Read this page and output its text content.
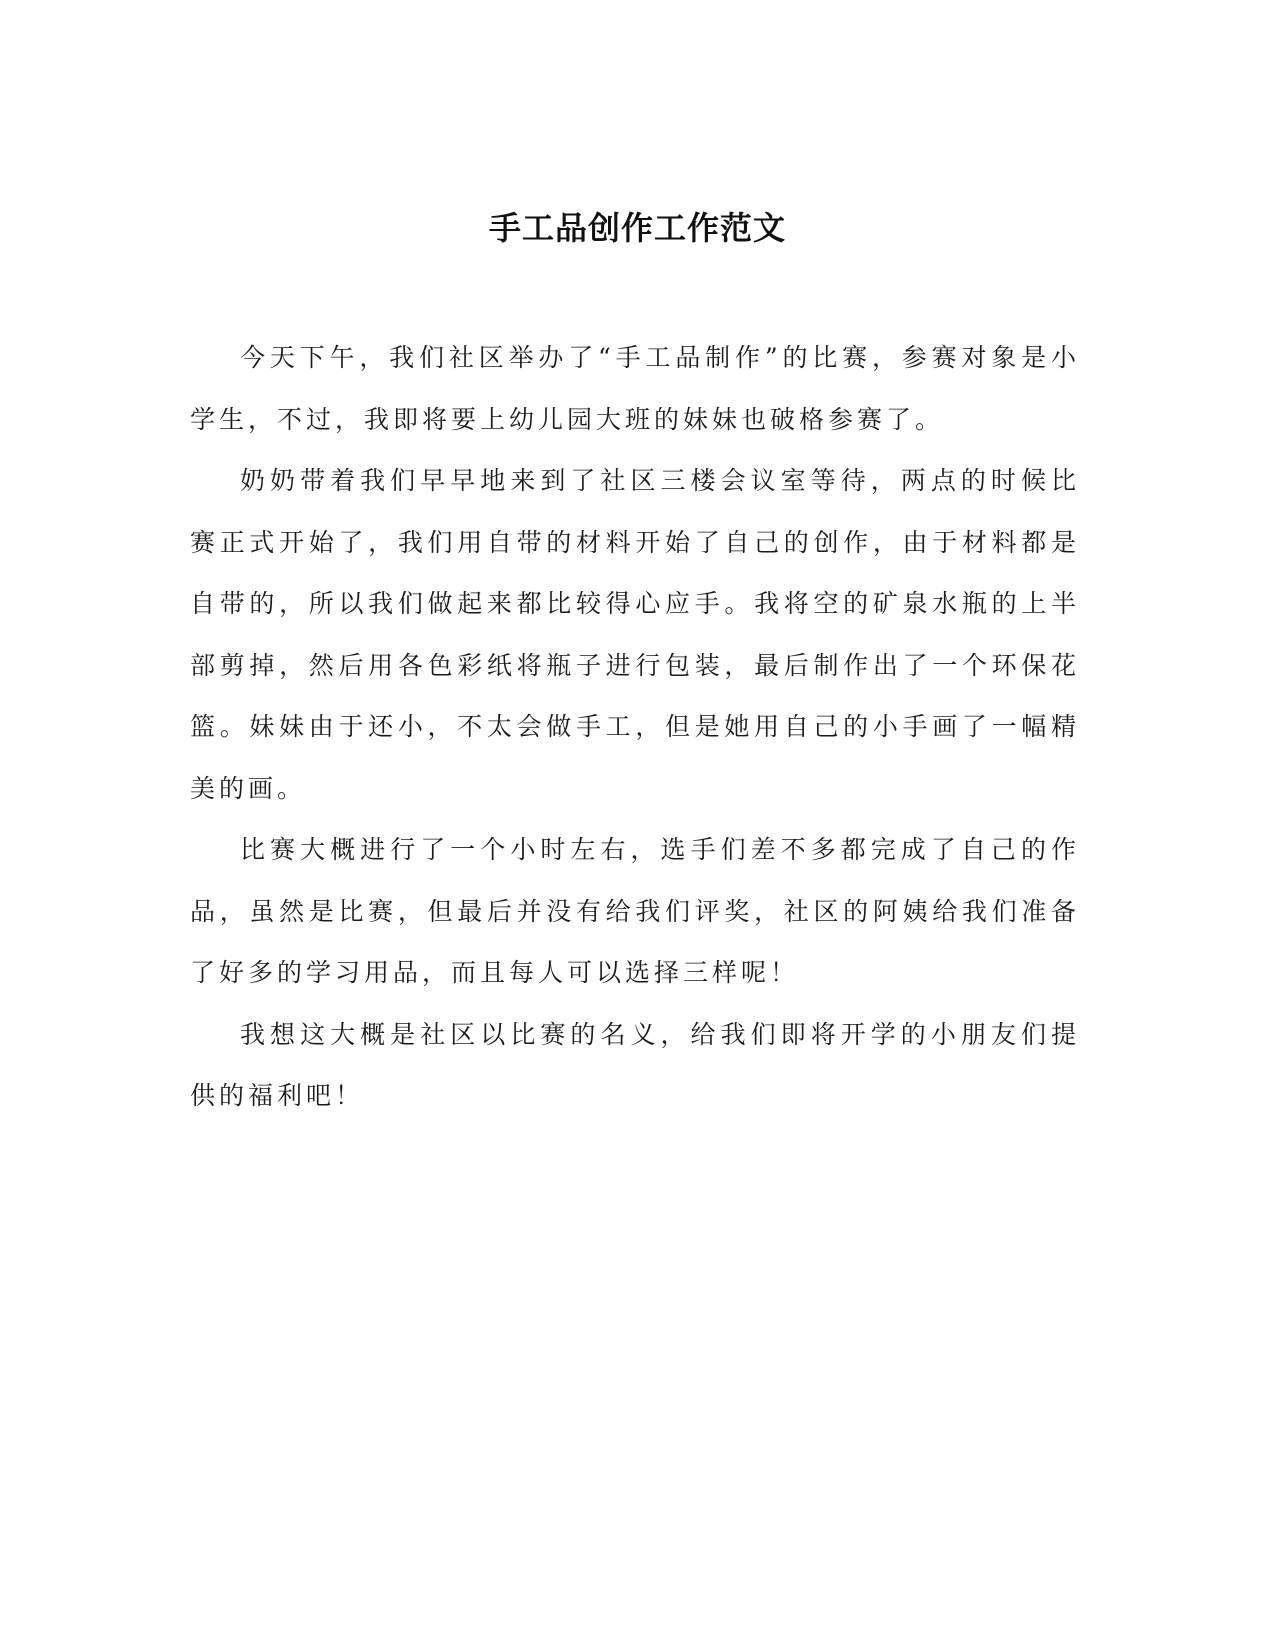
手工品创作工作范文

今天下午，我们社区举办了“手工品制作”的比赛，参赛对象是小学生，不过，我即将要上幼儿园大班的妹妹也破格参赛了。

奶奶带着我们早早地来到了社区三楼会议室等待，两点的时候比赛正式开始了，我们用自带的材料开始了自己的创作，由于材料都是自带的，所以我们做起来都比较得心应手。我将空的矿泉水瓶的上半部剪掉，然后用各色彩纸将瓶子进行包装，最后制作出了一个环保花篮。妹妹由于还小，不太会做手工，但是她用自己的小手画了一幅精美的画。

比赛大概进行了一个小时左右，选手们差不多都完成了自己的作品，虽然是比赛，但最后并没有给我们评奖，社区的阿姨给我们准备了好多的学习用品，而且每人可以选择三样呢！

我想这大概是社区以比赛的名义，给我们即将开学的小朋友们提供的福利吧！
